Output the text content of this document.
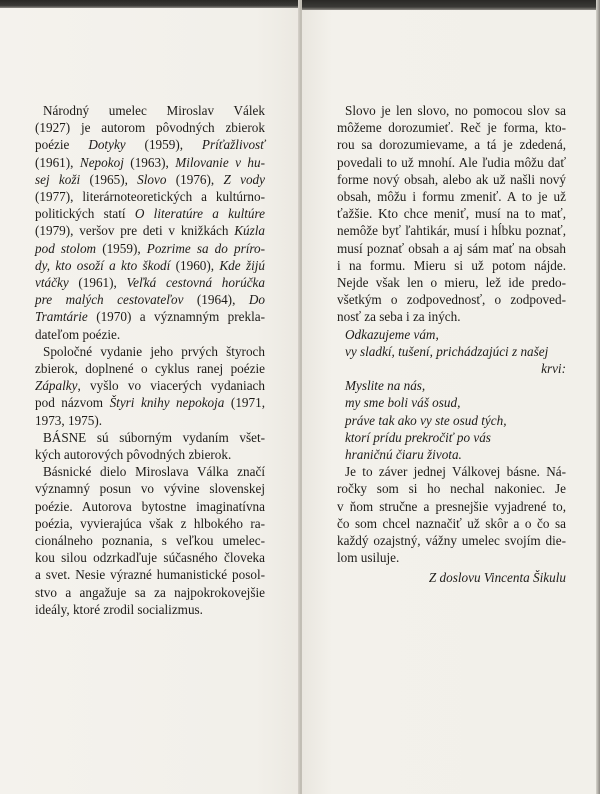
Národný umelec Miroslav Válek
(1927) je autorom pôvodných zbierok
poézie Dotyky (1959), Príťažlivosť
(1961), Nepokoj (1963), Milovanie v hu-
sej koži (1965), Slovo (1976), Z vody
(1977), literárnoteoretických a kultúrno-
politických statí O literatúre a kultúre
(1979), veršov pre deti v knižkách Kúzla
pod stolom (1959), Pozrime sa do príro-
dy, kto osoží a kto škodí (1960), Kde žijú
vtáčky (1961), Veľká cestovná horúčka
pre malých cestovateľov (1964), Do
Tramtárie (1970) a významným prekla-
dateľom poézie.
Spoločné vydanie jeho prvých štyroch
zbierok, doplnené o cyklus ranej poézie
Zápalky, vyšlo vo viacerých vydaniach
pod názvom Štyri knihy nepokoja (1971,
1973, 1975).
BÁSNE sú súborným vydaním všet-
kých autorových pôvodných zbierok.
Básnické dielo Miroslava Válka značí
významný posun vo vývine slovenskej
poézie. Autorova bytostne imaginatívna
poézia, vyvierajúca však z hlbokého ra-
cionálneho poznania, s veľkou umeleс-
kou silou odzrkadľuje súčasného človeka
a svet. Nesie výrazné humanistické posol-
stvo a angažuje sa za najpokrokovejšie
ideály, ktoré zrodil socializmus.
Slovo je len slovo, no pomocou slov sa
môžeme dorozumieť. Reč je forma, kto-
rou sa dorozumievame, a tá je zdedená,
povedali to už mnohí. Ale ľudia môžu dať
forme nový obsah, alebo ak už našli nový
obsah, môžu i formu zmeniť. A to je už
ťažšie. Kto chce meniť, musí na to mať,
nemôže byť ľahtikár, musí i hĺbku poznať,
musí poznať obsah a aj sám mať na obsah
i na formu. Mieru si už potom nájde.
Nejde však len o mieru, lež ide predo-
všetkým o zodpovednosť, o zodpoved-
nosť za seba i za iných.
Odkazujeme vám,
vy sladkí, tušení, prichádzajúci z našej
krvi:
Myslite na nás,
my sme boli váš osud,
práve tak ako vy ste osud tých,
ktorí prídu prekročiť po vás
hraničnú čiaru života.
Je to záver jednej Válkovej básne. Ná-
ročky som si ho nechal nakoniec. Je
v ňom stručne a presnejšie vyjadrené to,
čo som chcel naznačiť už skôr a o čo sa
každý ozajstný, vážny umelec svojím die-
lom usiluje.
Z doslovu Vincenta Šikulu
